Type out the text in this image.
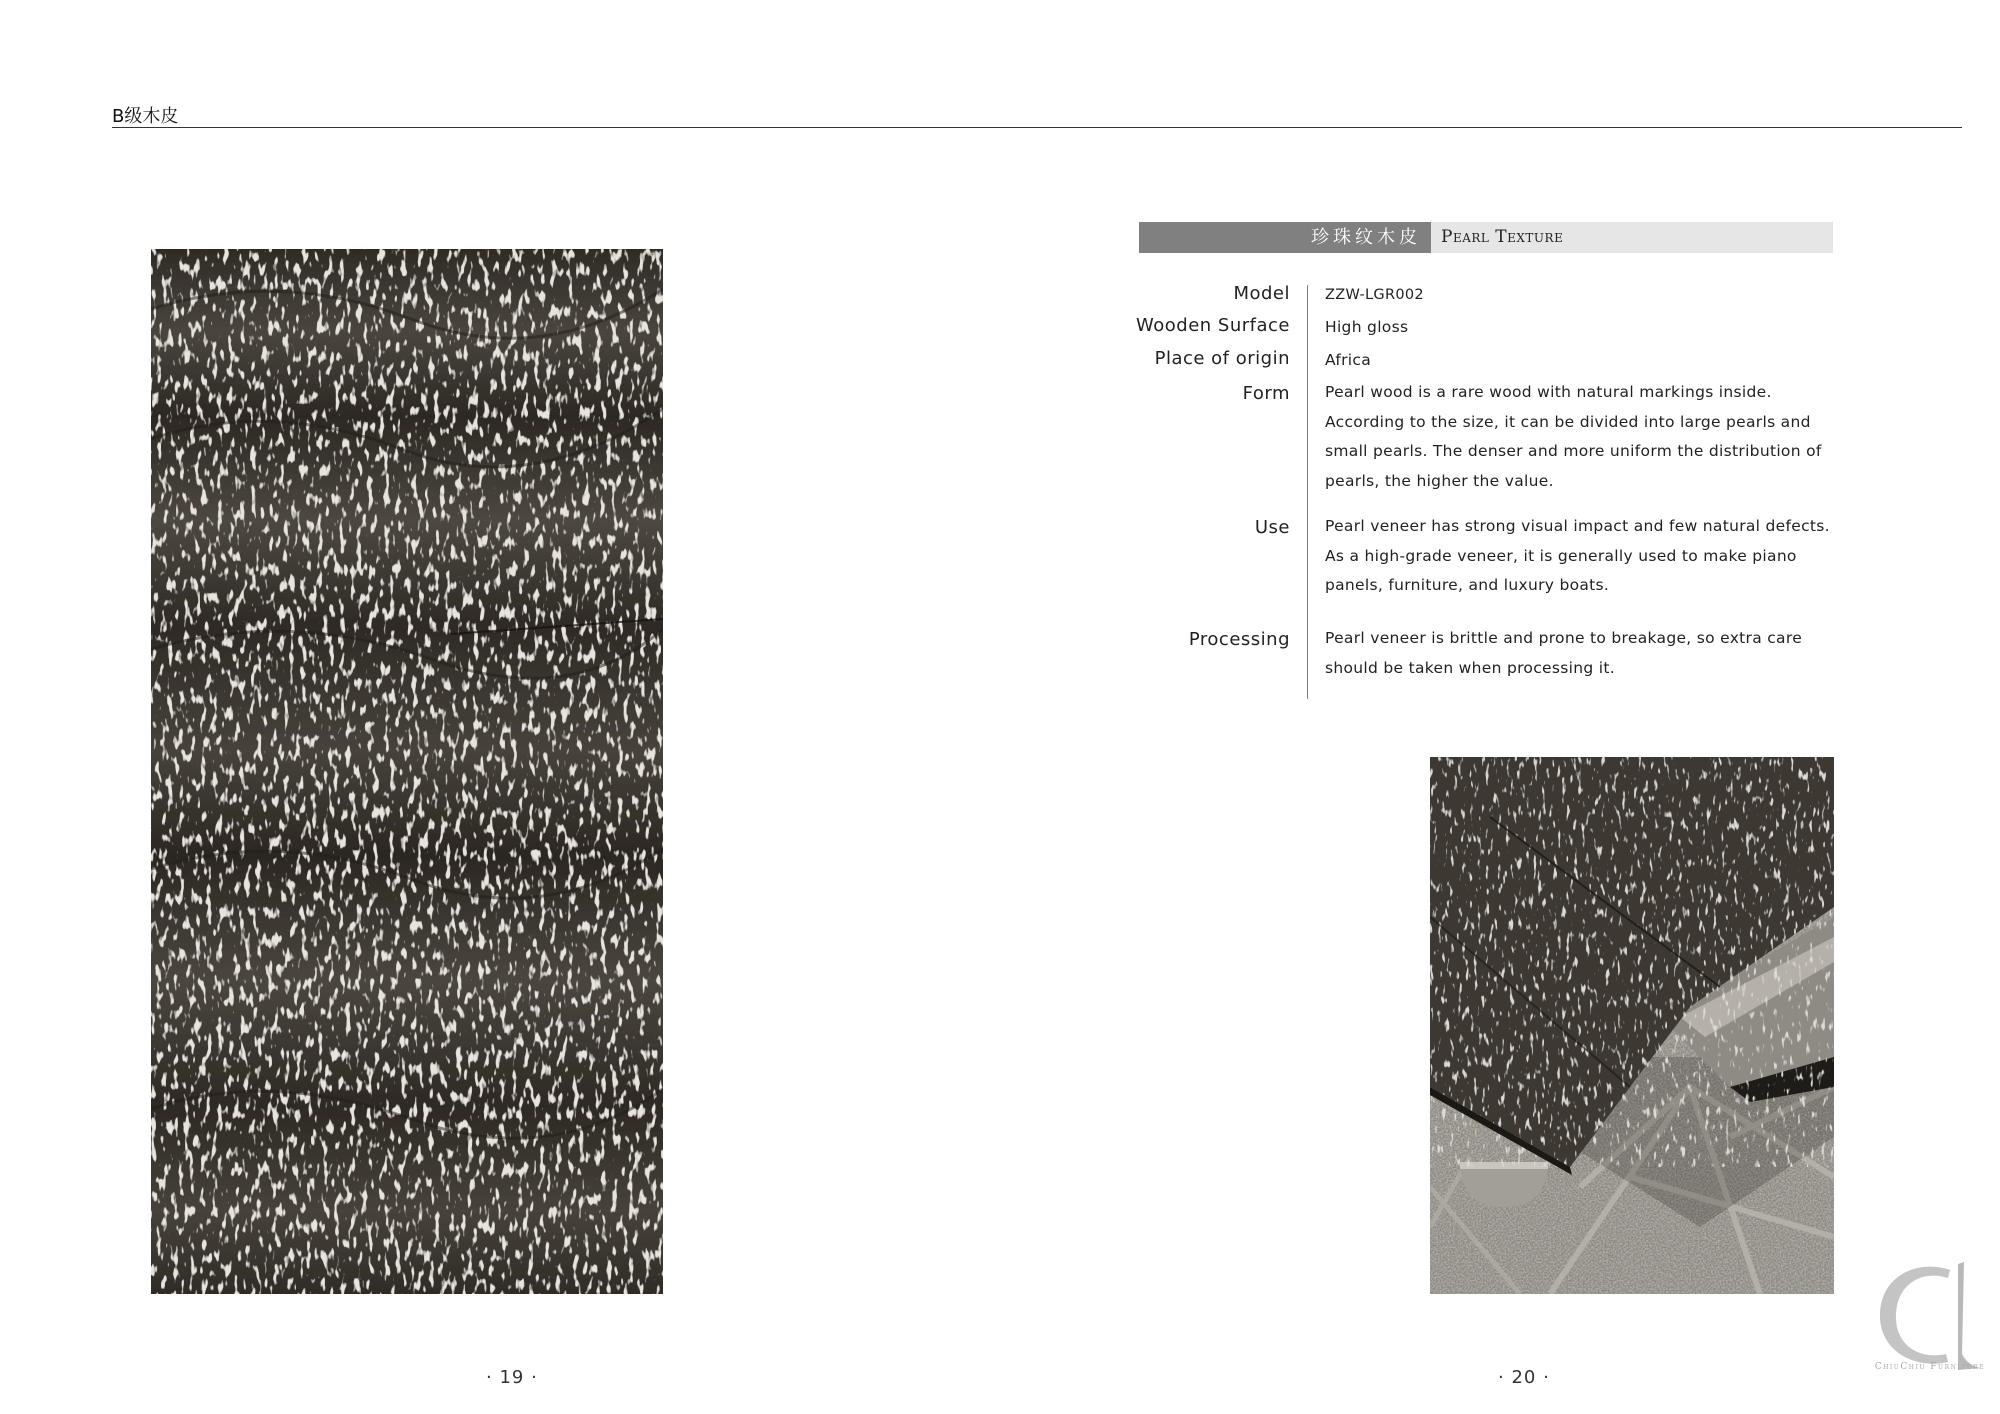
B级木皮
珍珠纹木皮	Pearl Texture
Model ZZW-LGR002
Wooden Surface High gloss
Place of origin Africa
Form Pearl wood is a rare wood with natural markings inside. According to the size, it can be divided into large pearls and small pearls. The denser and more uniform the distribution of pearls, the higher the value.
Use Pearl veneer has strong visual impact and few natural defects. As a high-grade veneer, it is generally used to make piano panels, furniture, and luxury boats.
Processing Pearl veneer is brittle and prone to breakage, so extra care should be taken when processing it.
· 19 ·	· 20 ·	ChiuChiu Furniture
